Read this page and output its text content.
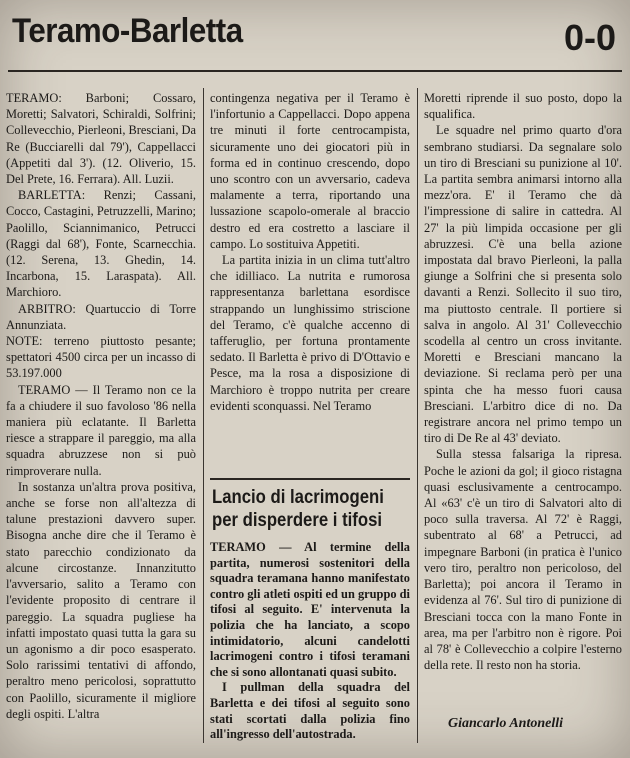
Teramo-Barletta	0-0

TERAMO: Barboni; Cossaro, Moretti; Salvatori, Schiraldi, Solfrini; Collevecchio, Pierleoni, Bresciani, Da Re (Bucciarelli dal 79'), Cappellacci (Appetiti dal 3'). (12. Oliverio, 15. Del Prete, 16. Ferrara). All. Luzii.

BARLETTA: Renzi; Cassani, Cocco, Castagini, Petruzzelli, Marino; Paolillo, Sciannimanico, Petrucci (Raggi dal 68'), Fonte, Scarnecchia. (12. Serena, 13. Ghedin, 14. Incarbona, 15. Laraspata). All. Marchioro.

ARBITRO: Quartuccio di Torre Annunziata.

NOTE: terreno piuttosto pesante; spettatori 4500 circa per un incasso di 53.197.000

TERAMO — Il Teramo non ce la fa a chiudere il suo favoloso '86 nella maniera più eclatante. Il Barletta riesce a strappare il pareggio, ma alla squadra abruzzese non si può rimproverare nulla.

In sostanza un'altra prova positiva, anche se forse non all'altezza di talune prestazioni davvero super. Bisogna anche dire che il Teramo è stato parecchio condizionato da alcune circostanze. Innanzitutto l'avversario, salito a Teramo con l'evidente proposito di centrare il pareggio. La squadra pugliese ha infatti impostato quasi tutta la gara su un agonismo a dir poco esasperato. Solo rarissimi tentativi di affondo, peraltro meno pericolosi, soprattutto con Paolillo, sicuramente il migliore degli ospiti. L'altra

contingenza negativa per il Teramo è l'infortunio a Cappellacci. Dopo appena tre minuti il forte centrocampista, sicuramente uno dei giocatori più in forma ed in continuo crescendo, dopo uno scontro con un avversario, cadeva malamente a terra, riportando una lussazione scapolo-omerale al braccio destro ed era costretto a lasciare il campo. Lo sostituiva Appetiti.

La partita inizia in un clima tutt'altro che idilliaco. La nutrita e rumorosa rappresentanza barlettana esordisce strappando un lunghissimo striscione del Teramo, c'è qualche accenno di tafferuglio, per fortuna prontamente sedato. Il Barletta è privo di D'Ottavio e Pesce, ma la rosa a disposizione di Marchioro è troppo nutrita per creare evidenti sconquassi. Nel Teramo

Lancio di lacrimogeni per disperdere i tifosi

TERAMO — Al termine della partita, numerosi sostenitori della squadra teramana hanno manifestato contro gli atleti ospiti ed un gruppo di tifosi al seguito. E' intervenuta la polizia che ha lanciato, a scopo intimidatorio, alcuni candelotti lacrimogeni contro i tifosi teramani che si sono allontanati quasi subito.

I pullman della squadra del Barletta e dei tifosi al seguito sono stati scortati dalla polizia fino all'ingresso dell'autostrada.

Moretti riprende il suo posto, dopo la squalifica.

Le squadre nel primo quarto d'ora sembrano studiarsi. Da segnalare solo un tiro di Bresciani su punizione al 10'. La partita sembra animarsi intorno alla mezz'ora. E' il Teramo che dà l'impressione di salire in cattedra. Al 27' la più limpida occasione per gli abruzzesi. C'è una bella azione impostata dal bravo Pierleoni, la palla giunge a Solfrini che si presenta solo davanti a Renzi. Sollecito il suo tiro, ma piuttosto centrale. Il portiere si salva in angolo. Al 31' Collevecchio scodella al centro un cross invitante. Moretti e Bresciani mancano la deviazione. Si reclama però per una spinta che ha messo fuori causa Bresciani. L'arbitro dice di no. Da registrare ancora nel primo tempo un tiro di De Re al 43' deviato.

Sulla stessa falsariga la ripresa. Poche le azioni da gol; il gioco ristagna quasi esclusivamente a centrocampo. Al «63' c'è un tiro di Salvatori alto di poco sulla traversa. Al 72' è Raggi, subentrato al 68' a Petrucci, ad impegnare Barboni (in pratica è l'unico vero tiro, peraltro non pericoloso, del Barletta); poi ancora il Teramo in evidenza al 76'. Sul tiro di punizione di Bresciani tocca con la mano Fonte in area, ma per l'arbitro non è rigore. Poi al 78' è Collevecchio a colpire l'esterno della rete. Il resto non ha storia.

Giancarlo Antonelli
